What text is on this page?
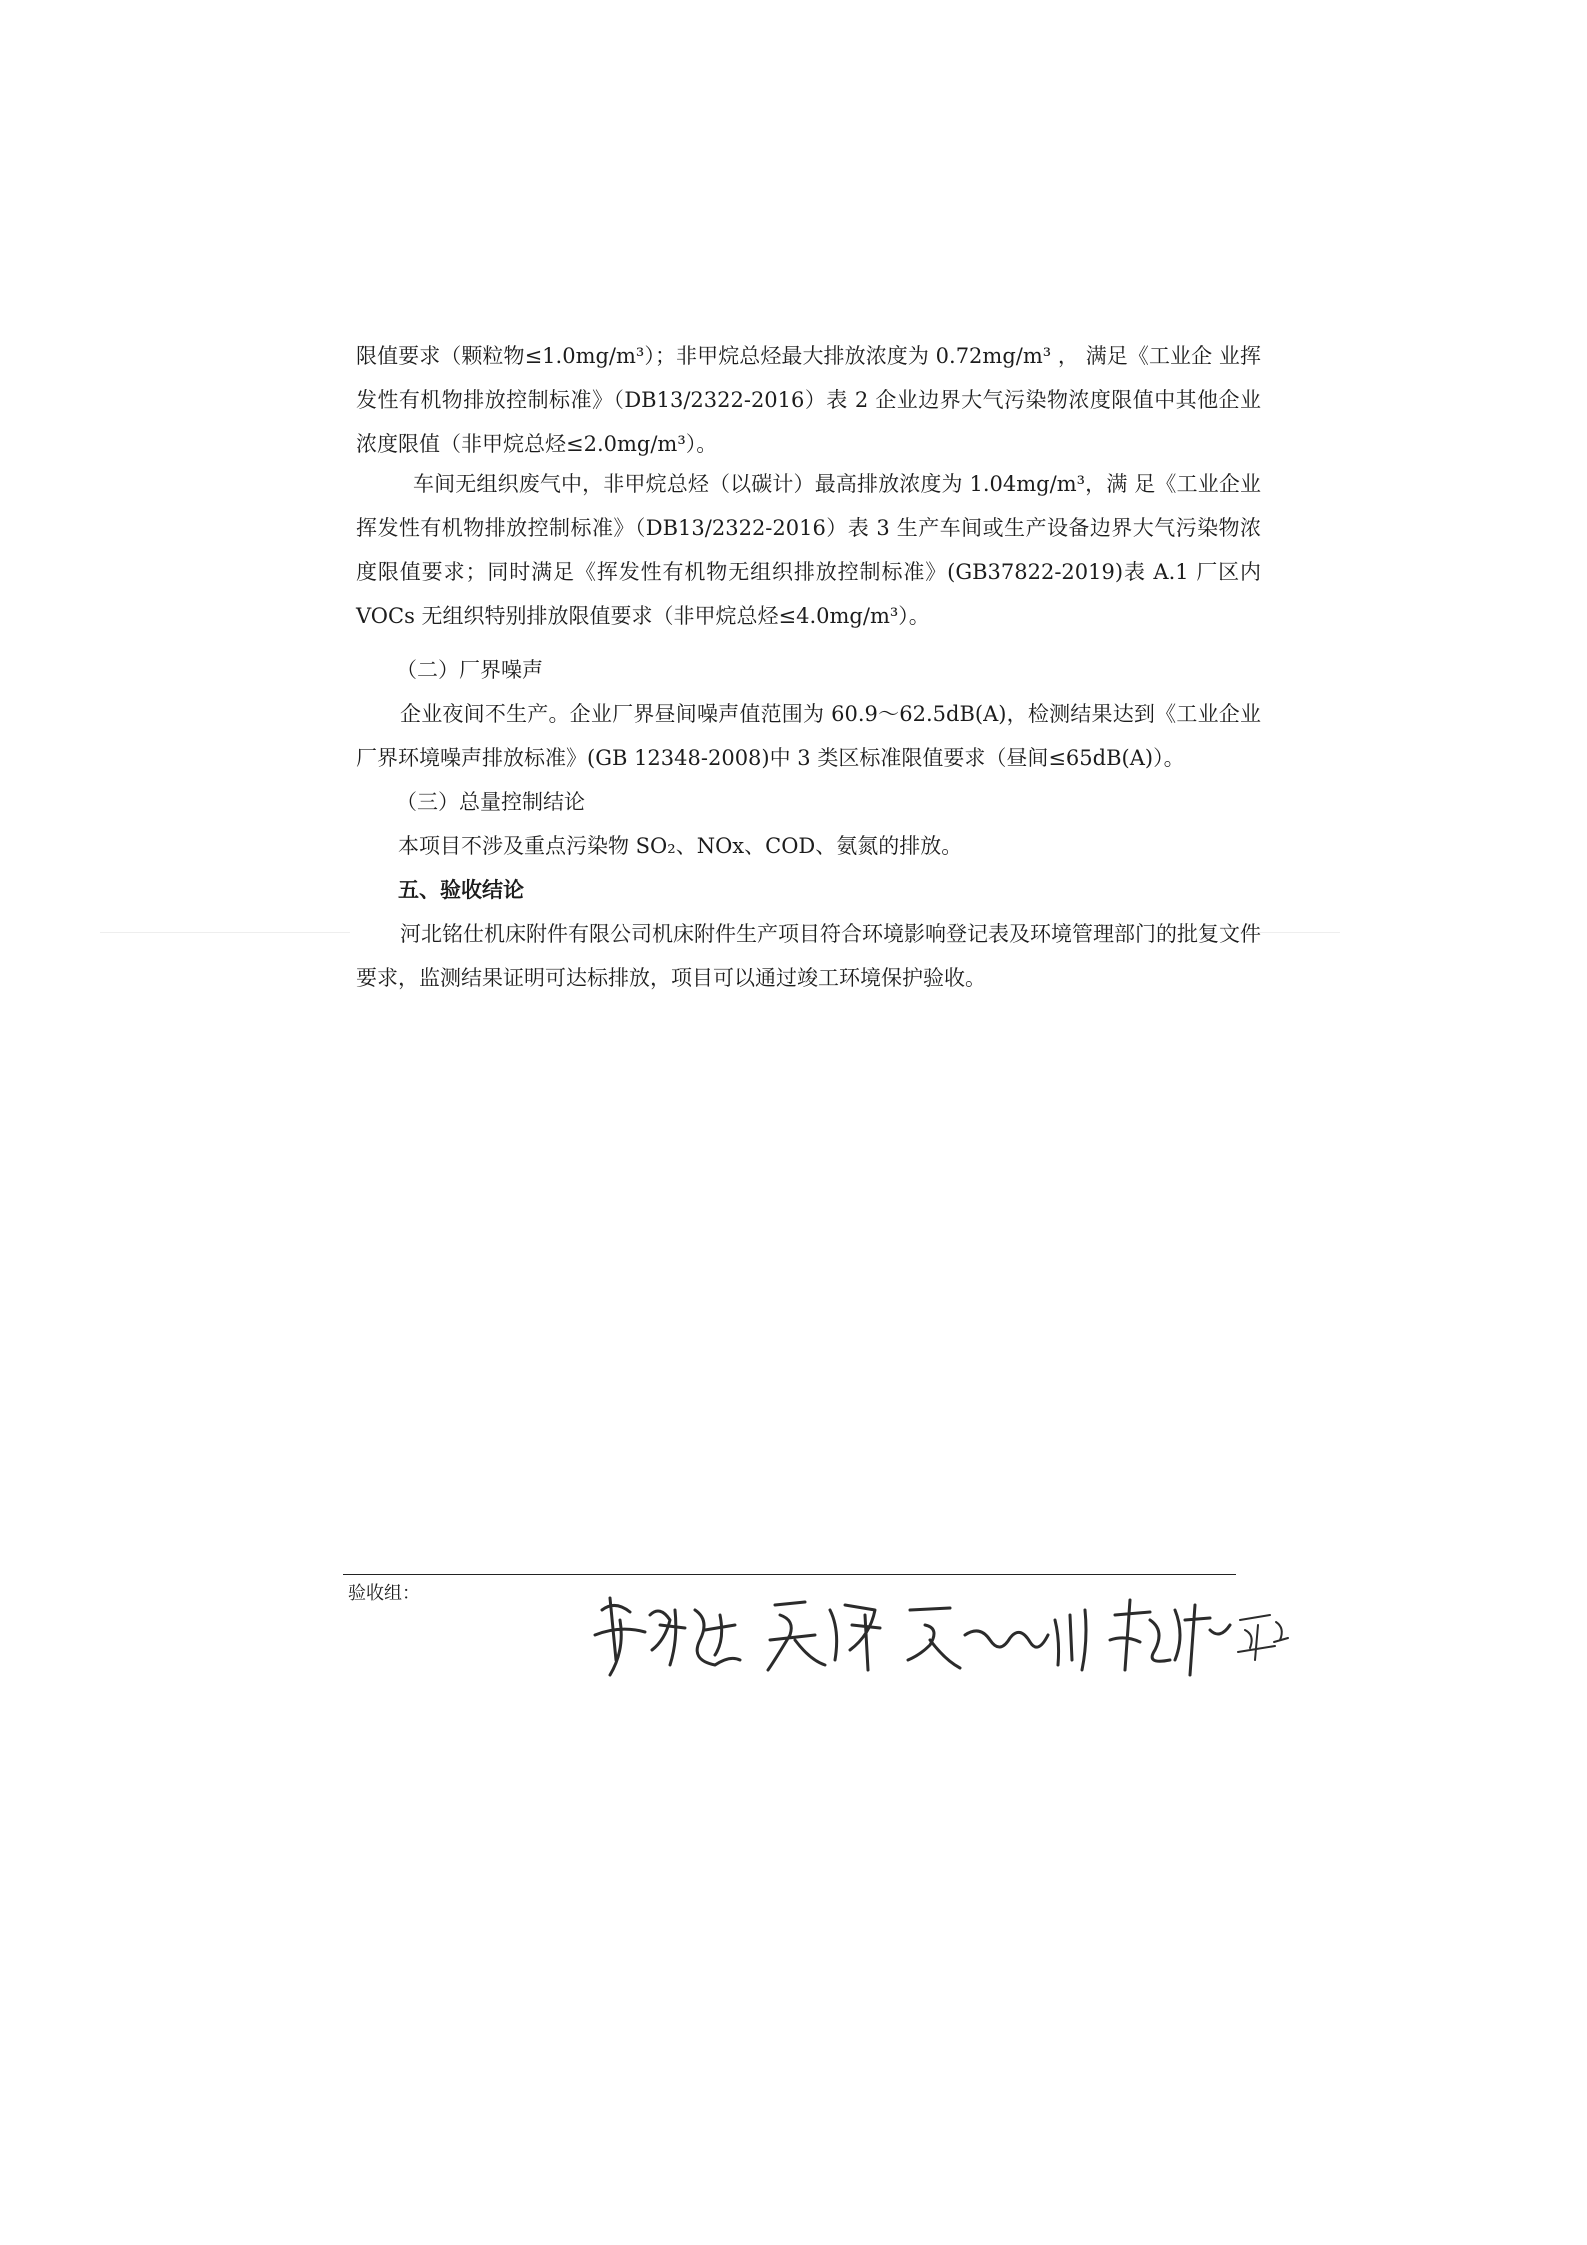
限值要求（颗粒物≤1.0mg/m³）；非甲烷总烃最大排放浓度为 0.72mg/m³ ， 满足《工业企 业挥发性有机物排放控制标准》（DB13/2322-2016）表 2 企业边界大气污染物浓度限值中其他企业浓度限值（非甲烷总烃≤2.0mg/m³）。

车间无组织废气中，非甲烷总烃（以碳计）最高排放浓度为 1.04mg/m³，满 足《工业企业挥发性有机物排放控制标准》（DB13/2322-2016）表 3 生产车间或生产设备边界大气污染物浓度限值要求；同时满足《挥发性有机物无组织排放控制标准》(GB37822-2019)表 A.1 厂区内 VOCs 无组织特别排放限值要求（非甲烷总烃≤4.0mg/m³）。

（二）厂界噪声

企业夜间不生产。企业厂界昼间噪声值范围为 60.9～62.5dB(A)，检测结果达到《工业企业厂界环境噪声排放标准》(GB 12348-2008)中 3 类区标准限值要求（昼间≤65dB(A)）。

（三）总量控制结论

本项目不涉及重点污染物 SO₂、NOx、COD、氨氮的排放。

五、验收结论

河北铭仕机床附件有限公司机床附件生产项目符合环境影响登记表及环境管理部门的批复文件要求，监测结果证明可达标排放，项目可以通过竣工环境保护验收。

验收组：
